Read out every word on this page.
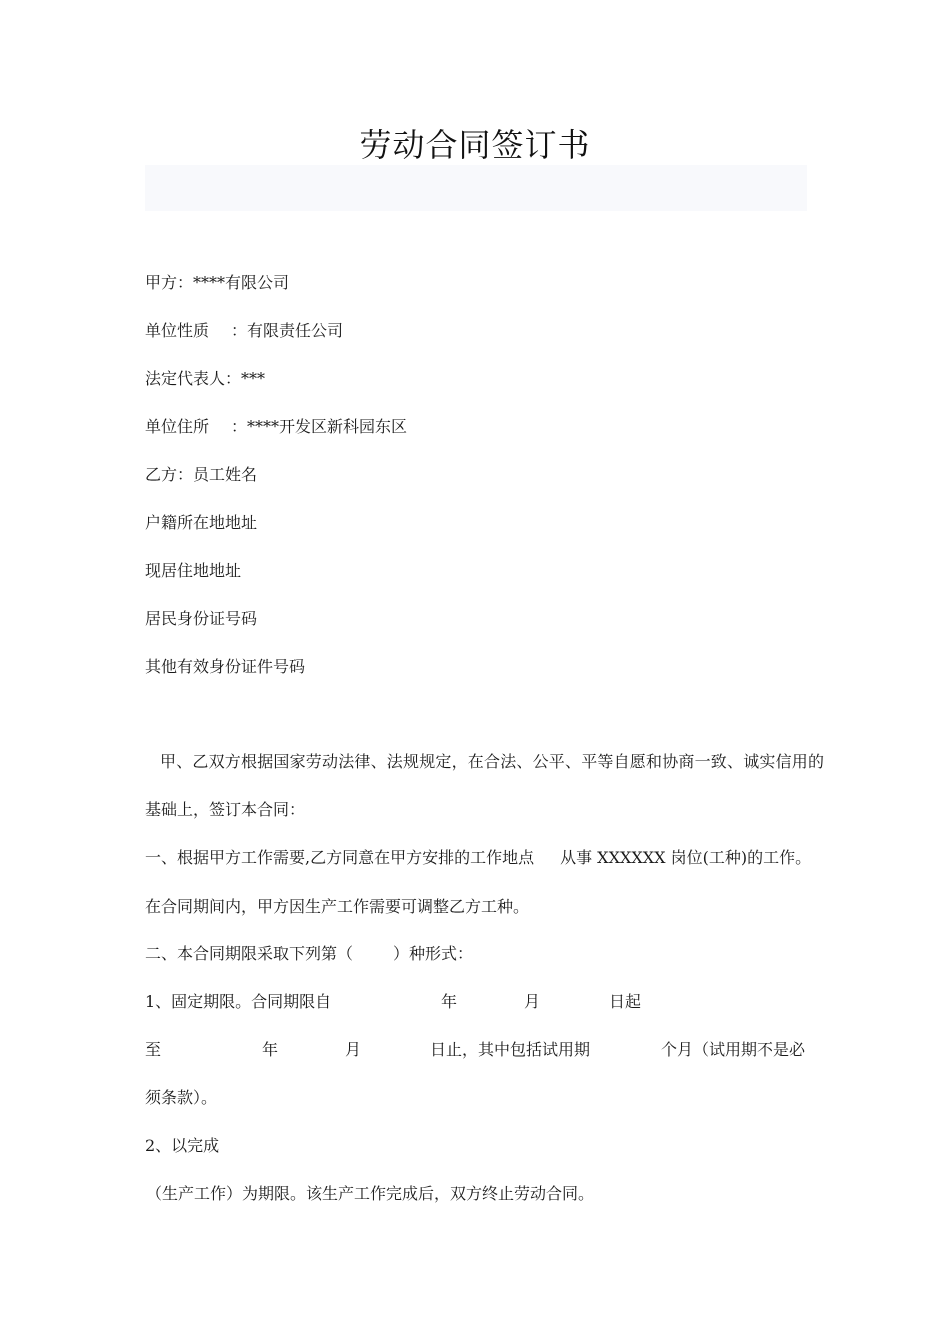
劳动合同签订书
甲方：****有限公司
单位性质 ：有限责任公司
法定代表人：***
单位住所 ：****开发区新科园东区
乙方：员工姓名
户籍所在地地址
现居住地地址
居民身份证号码
其他有效身份证件号码
甲、乙双方根据国家劳动法律、法规规定，在合法、公平、平等自愿和协商一致、诚实信用的
基础上，签订本合同：
一、根据甲方工作需要,乙方同意在甲方安排的工作地点 从事 XXXXXX 岗位(工种)的工作。
在合同期间内，甲方因生产工作需要可调整乙方工种。
二、本合同期限采取下列第（	）种形式：
1、固定期限。合同期限自	年	月	日起
至	年	月	日止，其中包括试用期	个月（试用期不是必
须条款）。
2、以完成
（生产工作）为期限。该生产工作完成后，双方终止劳动合同。
